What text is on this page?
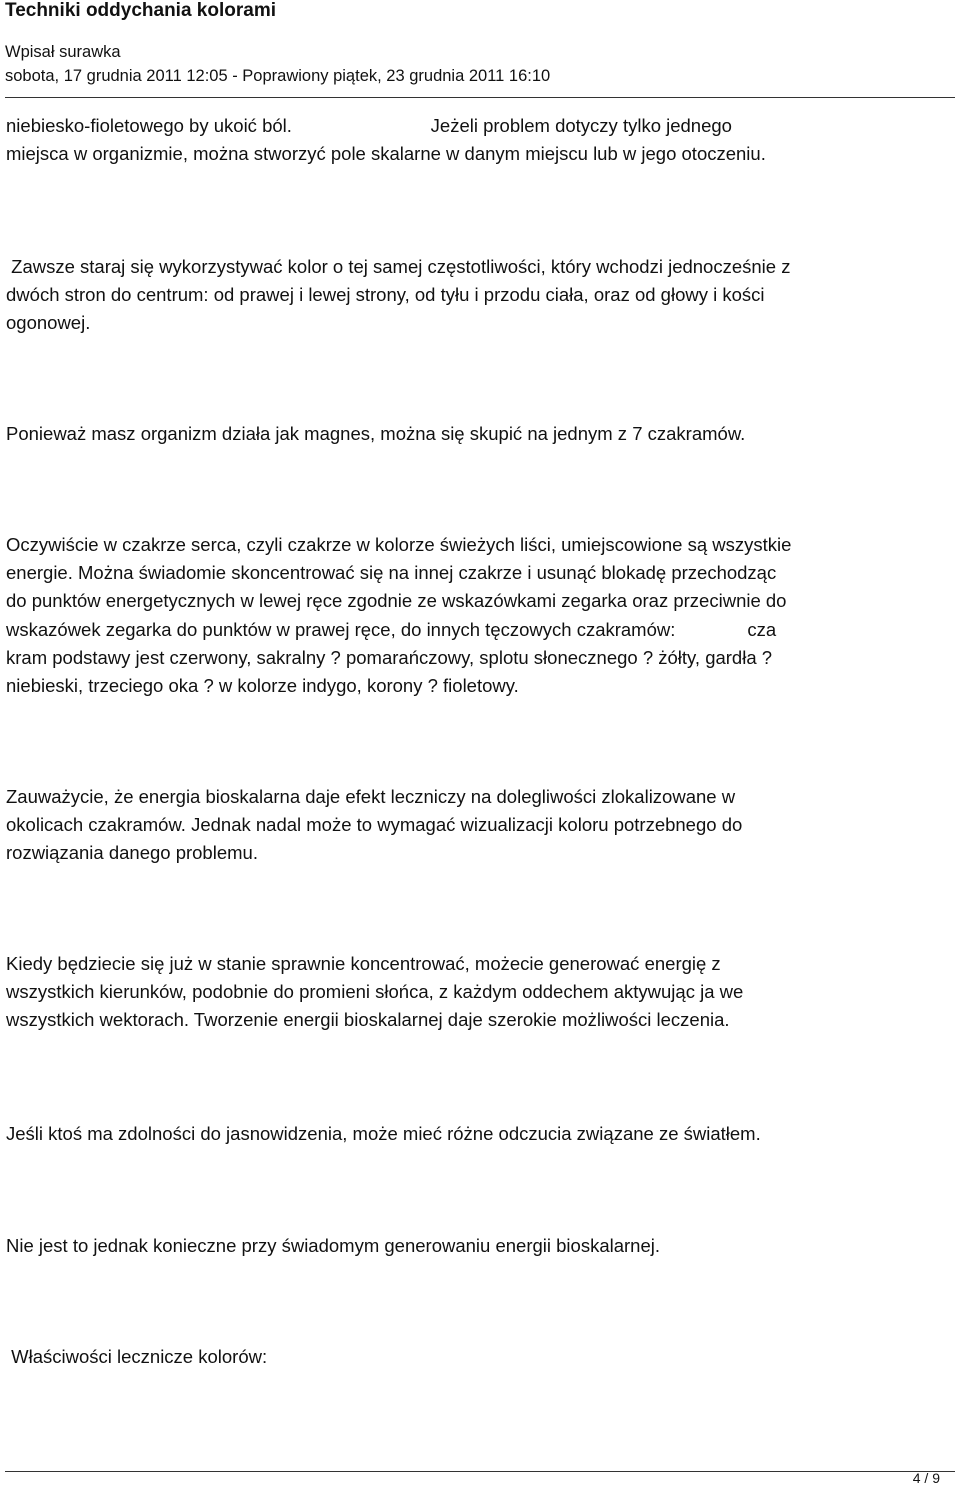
Techniki oddychania kolorami
Wpisał surawka
sobota, 17 grudnia 2011 12:05 - Poprawiony piątek, 23 grudnia 2011 16:10
niebiesko-fioletowego by ukoić ból.                           Jeżeli problem dotyczy tylko jednego
miejsca w organizmie, można stworzyć pole skalarne w danym miejscu lub w jego otoczeniu.
Zawsze staraj się wykorzystywać kolor o tej samej częstotliwości, który wchodzi jednocześnie z
dwóch stron do centrum: od prawej i lewej strony, od tyłu i przodu ciała, oraz od głowy i kości
ogonowej.
Ponieważ masz organizm działa jak magnes, można się skupić na jednym z 7 czakramów.
Oczywiście w czakrze serca, czyli czakrze w kolorze świeżych liści, umiejscowione są wszystkie
energie. Można świadomie skoncentrować się na innej czakrze i usunąć blokadę przechodząc
do punktów energetycznych w lewej ręce zgodnie ze wskazówkami zegarka oraz przeciwnie do
wskazówek zegarka do punktów w prawej ręce, do innych tęczowych czakramów:              cza
kram podstawy jest czerwony, sakralny ? pomarańczowy, splotu słonecznego ? żółty, gardła ?
niebieski, trzeciego oka ? w kolorze indygo, korony ? fioletowy.
Zauważycie, że energia bioskalarna daje efekt leczniczy na dolegliwości zlokalizowane w
okolicach czakramów. Jednak nadal może to wymagać wizualizacji koloru potrzebnego do
rozwiązania danego problemu.
Kiedy będziecie się już w stanie sprawnie koncentrować, możecie generować energię z
wszystkich kierunków, podobnie do promieni słońca, z każdym oddechem aktywując ja we
wszystkich wektorach. Tworzenie energii bioskalarnej daje szerokie możliwości leczenia.
Jeśli ktoś ma zdolności do jasnowidzenia, może mieć różne odczucia związane ze światłem.
Nie jest to jednak konieczne przy świadomym generowaniu energii bioskalarnej.
Właściwości lecznicze kolorów:
4 / 9
